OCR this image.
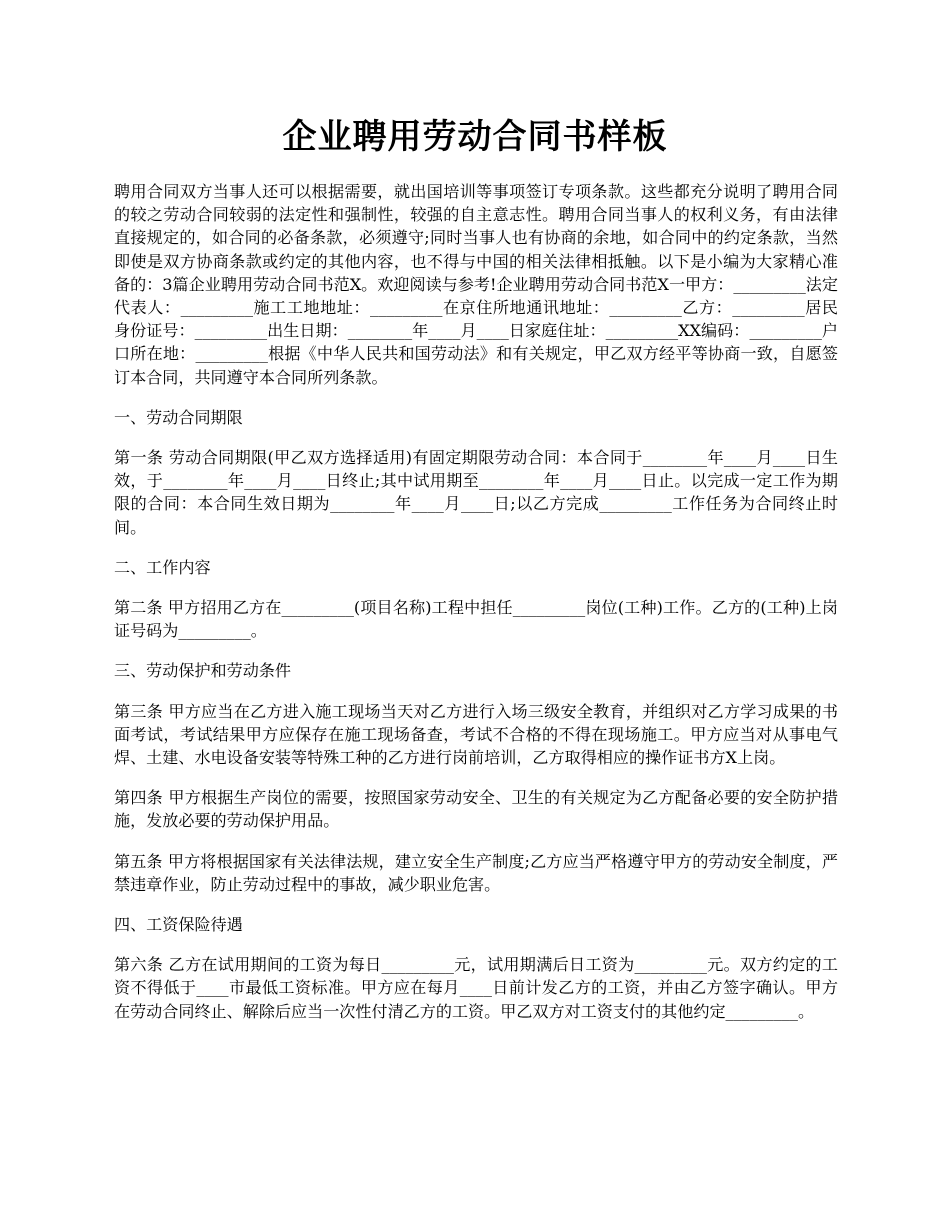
企业聘用劳动合同书样板

聘用合同双方当事人还可以根据需要，就出国培训等事项签订专项条款。这些都充分说明了聘用合同的较之劳动合同较弱的法定性和强制性，较强的自主意志性。聘用合同当事人的权利义务，有由法律直接规定的，如合同的必备条款，必须遵守;同时当事人也有协商的余地，如合同中的约定条款，当然即使是双方协商条款或约定的其他内容，也不得与中国的相关法律相抵触。以下是小编为大家精心准备的：3篇企业聘用劳动合同书范X。欢迎阅读与参考!企业聘用劳动合同书范X一甲方：_________法定代表人：_________施工工地地址：_________在京住所地通讯地址：_________乙方：_________居民身份证号：_________出生日期：________年____月____日家庭住址：_________XX编码：_________户口所在地：_________根据《中华人民共和国劳动法》和有关规定，甲乙双方经平等协商一致，自愿签订本合同，共同遵守本合同所列条款。

一、劳动合同期限

第一条 劳动合同期限(甲乙双方选择适用)有固定期限劳动合同：本合同于________年____月____日生效，于________年____月____日终止;其中试用期至________年____月____日止。以完成一定工作为期限的合同：本合同生效日期为________年____月____日;以乙方完成_________工作任务为合同终止时间。

二、工作内容

第二条 甲方招用乙方在_________(项目名称)工程中担任_________岗位(工种)工作。乙方的(工种)上岗证号码为_________。

三、劳动保护和劳动条件

第三条 甲方应当在乙方进入施工现场当天对乙方进行入场三级安全教育，并组织对乙方学习成果的书面考试，考试结果甲方应保存在施工现场备查，考试不合格的不得在现场施工。甲方应当对从事电气焊、土建、水电设备安装等特殊工种的乙方进行岗前培训，乙方取得相应的操作证书方X上岗。

第四条 甲方根据生产岗位的需要，按照国家劳动安全、卫生的有关规定为乙方配备必要的安全防护措施，发放必要的劳动保护用品。

第五条 甲方将根据国家有关法律法规，建立安全生产制度;乙方应当严格遵守甲方的劳动安全制度，严禁违章作业，防止劳动过程中的事故，减少职业危害。

四、工资保险待遇

第六条 乙方在试用期间的工资为每日_________元，试用期满后日工资为_________元。双方约定的工资不得低于____市最低工资标准。甲方应在每月____日前计发乙方的工资，并由乙方签字确认。甲方在劳动合同终止、解除后应当一次性付清乙方的工资。甲乙双方对工资支付的其他约定_________。
